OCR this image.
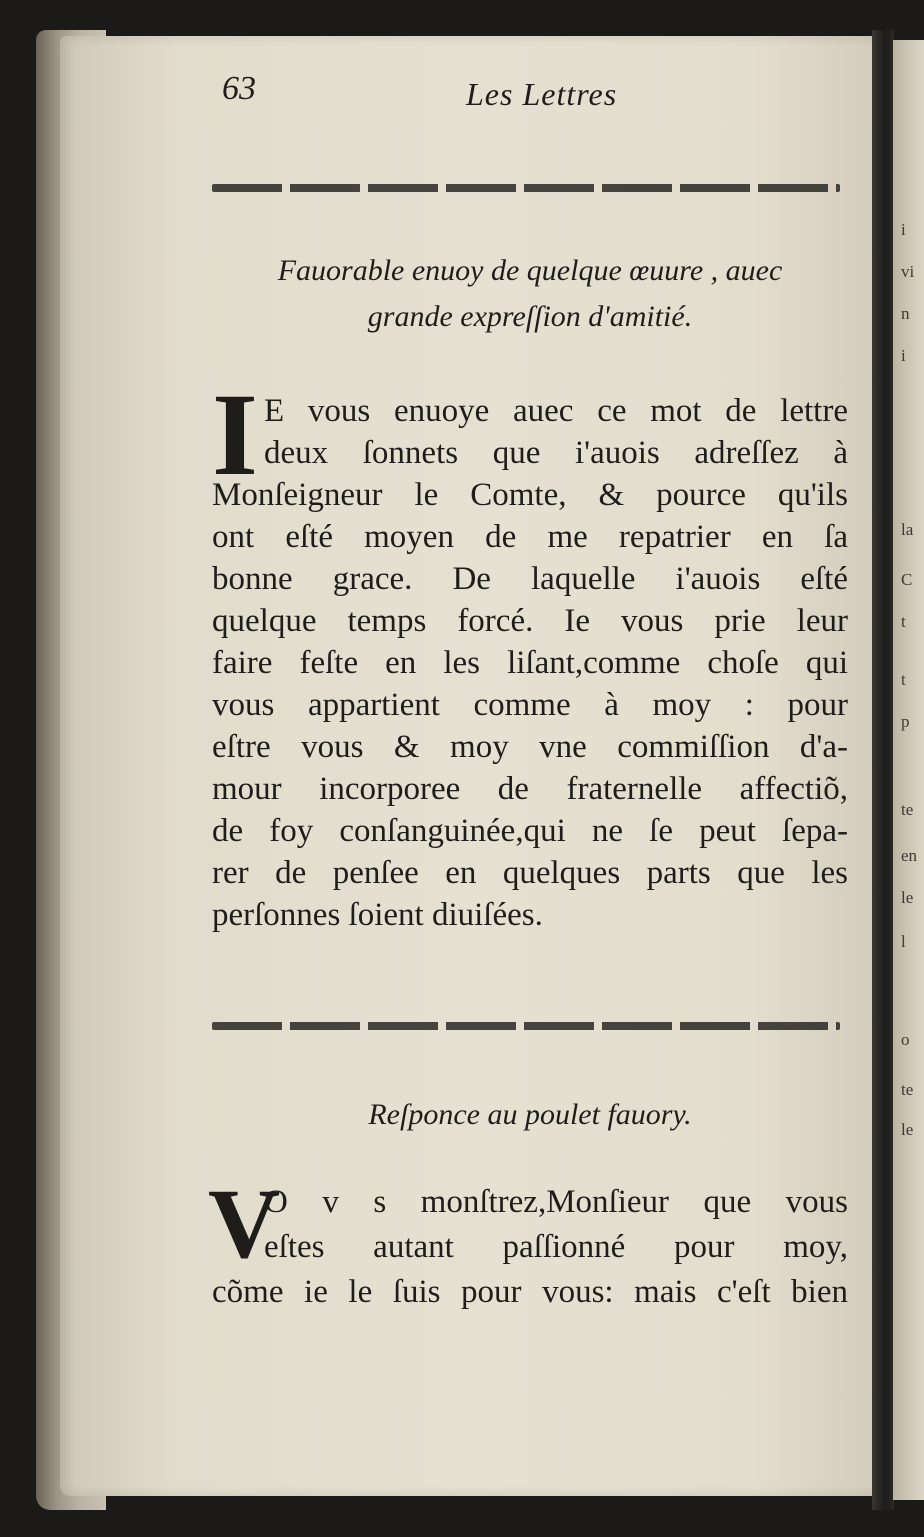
i
vi
n
i
la
C
t
t
p
te
en
le
l
o
te
le
63	Les Lettres
Fauorable enuoy de quelque œuure , auec
grande expreſſion d'amitié.
I E vous enuoye auec ce mot de lettre
deux ſonnets que i'auois adreſſez à
Monſeigneur le Comte, & pource qu'ils
ont eſté moyen de me repatrier en ſa
bonne grace. De laquelle i'auois eſté
quelque temps forcé. Ie vous prie leur
faire feſte en les liſant,comme choſe qui
vous appartient comme à moy : pour
eſtre vous & moy vne commiſſion d'a-
mour incorporee de fraternelle affectiõ,
de foy conſanguinée,qui ne ſe peut ſepa-
rer de penſee en quelques parts que les
perſonnes ſoient diuiſées.
Reſponce au poulet fauory.
V
O v s monſtrez,Monſieur que vous
eſtes autant paſſionné pour moy,
cõme ie le ſuis pour vous: mais c'eſt bien
